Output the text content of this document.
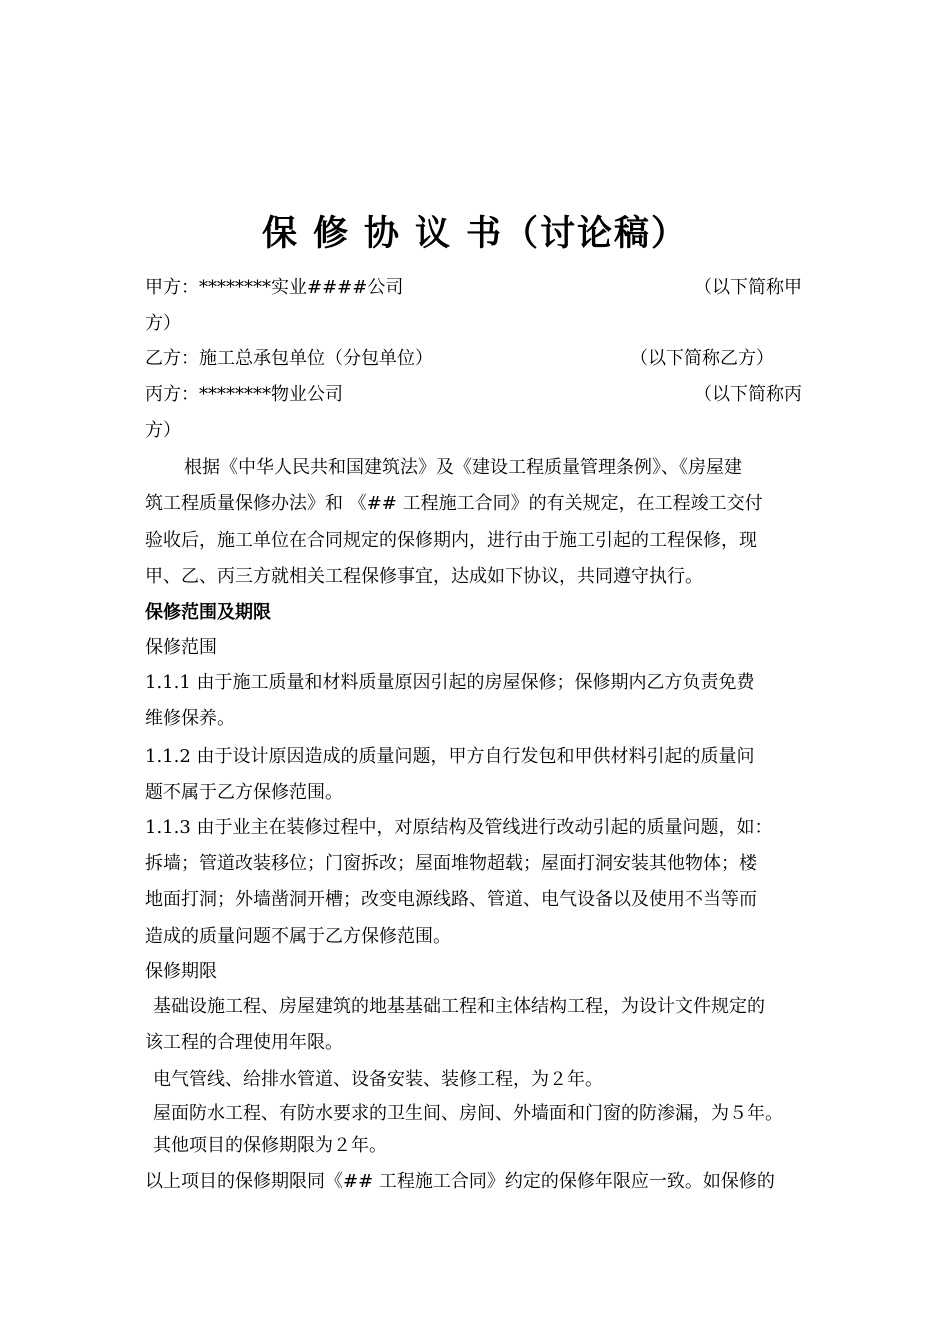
保 修 协 议 书（讨论稿）
甲方：********实业####公司	（以下简称甲
方）
乙方：施工总承包单位（分包单位）	（以下简称乙方）
丙方：********物业公司	（以下简称丙
方）
根据《中华人民共和国建筑法》及《建设工程质量管理条例》、《房屋建
筑工程质量保修办法》和 《## 工程施工合同》的有关规定，在工程竣工交付
验收后，施工单位在合同规定的保修期内，进行由于施工引起的工程保修，现
甲、乙、丙三方就相关工程保修事宜，达成如下协议，共同遵守执行。
保修范围及期限
保修范围
1.1.1 由于施工质量和材料质量原因引起的房屋保修；保修期内乙方负责免费
维修保养。
1.1.2 由于设计原因造成的质量问题，甲方自行发包和甲供材料引起的质量问
题不属于乙方保修范围。
1.1.3 由于业主在装修过程中，对原结构及管线进行改动引起的质量问题，如：
拆墙；管道改装移位；门窗拆改；屋面堆物超载；屋面打洞安装其他物体；楼
地面打洞；外墙凿洞开槽；改变电源线路、管道、电气设备以及使用不当等而
造成的质量问题不属于乙方保修范围。
保修期限
基础设施工程、房屋建筑的地基基础工程和主体结构工程，为设计文件规定的
该工程的合理使用年限。
电气管线、给排水管道、设备安装、装修工程，为２年。
屋面防水工程、有防水要求的卫生间、房间、外墙面和门窗的防渗漏，为５年。
其他项目的保修期限为２年。
以上项目的保修期限同《## 工程施工合同》约定的保修年限应一致。如保修的
